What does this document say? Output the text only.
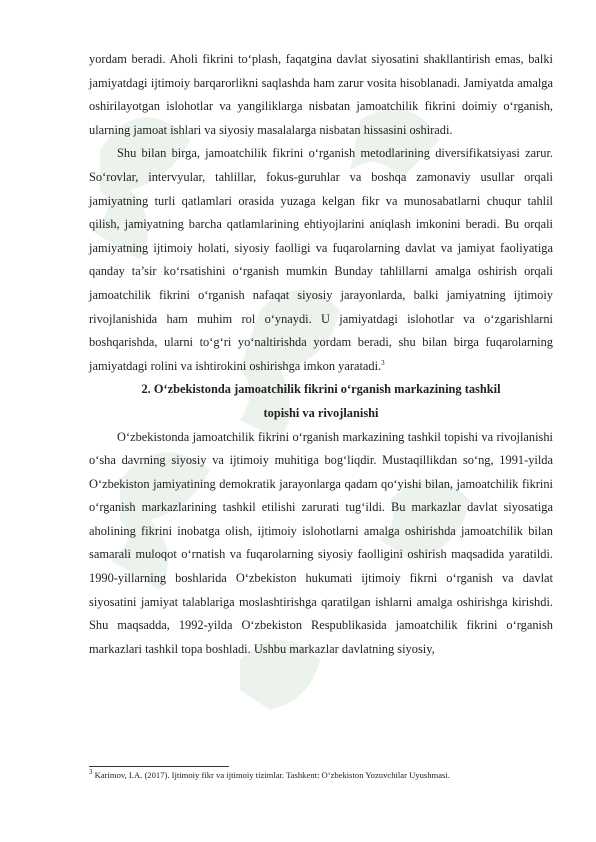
yordam beradi. Aholi fikrini to‘plash, faqatgina davlat siyosatini shakllantirish emas, balki jamiyatdagi ijtimoiy barqarorlikni saqlashda ham zarur vosita hisoblanadi. Jamiyatda amalga oshirilayotgan islohotlar va yangiliklarga nisbatan jamoatchilik fikrini doimiy o‘rganish, ularning jamoat ishlari va siyosiy masalalarga nisbatan hissasini oshiradi.

Shu bilan birga, jamoatchilik fikrini o‘rganish metodlarining diversifikatsiyasi zarur. So‘rovlar, intervyular, tahlillar, fokus-guruhlar va boshqa zamonaviy usullar orqali jamiyatning turli qatlamlari orasida yuzaga kelgan fikr va munosabatlarni chuqur tahlil qilish, jamiyatning barcha qatlamlarining ehtiyojlarini aniqlash imkonini beradi. Bu orqali jamiyatning ijtimoiy holati, siyosiy faolligi va fuqarolarning davlat va jamiyat faoliyatiga qanday ta’sir ko‘rsatishini o‘rganish mumkin Bunday tahlillarni amalga oshirish orqali jamoatchilik fikrini o‘rganish nafaqat siyosiy jarayonlarda, balki jamiyatning ijtimoiy rivojlanishida ham muhim rol o‘ynaydi. U jamiyatdagi islohotlar va o‘zgarishlarni boshqarishda, ularni to‘g‘ri yo‘naltirishda yordam beradi, shu bilan birga fuqarolarning jamiyatdagi rolini va ishtirokini oshirishga imkon yaratadi.$^3$

2. O‘zbekistonda jamoatchilik fikrini o‘rganish markazining tashkil

topishi va rivojlanishi

O‘zbekistonda jamoatchilik fikrini o‘rganish markazining tashkil topishi va rivojlanishi o‘sha davrning siyosiy va ijtimoiy muhitiga bog‘liqdir. Mustaqillikdan so‘ng, 1991-yilda O‘zbekiston jamiyatining demokratik jarayonlarga qadam qo‘yishi bilan, jamoatchilik fikrini o‘rganish markazlarining tashkil etilishi zarurati tug‘ildi. Bu markazlar davlat siyosatiga aholining fikrini inobatga olish, ijtimoiy islohotlarni amalga oshirishda jamoatchilik bilan samarali muloqot o‘rnatish va fuqarolarning siyosiy faolligini oshirish maqsadida yaratildi. 1990-yillarning boshlarida O‘zbekiston hukumati ijtimoiy fikrni o‘rganish va davlat siyosatini jamiyat talablariga moslashtirishga qaratilgan ishlarni amalga oshirishga kirishdi. Shu maqsadda, 1992-yilda O‘zbekiston Respublikasida jamoatchilik fikrini o‘rganish markazlari tashkil topa boshladi. Ushbu markazlar davlatning siyosiy,

$^3$ Karimov, I.A. (2017). Ijtimoiy fikr va ijtimoiy tizimlar. Tashkent: O‘zbekiston Yozuvchilar Uyushmasi.
